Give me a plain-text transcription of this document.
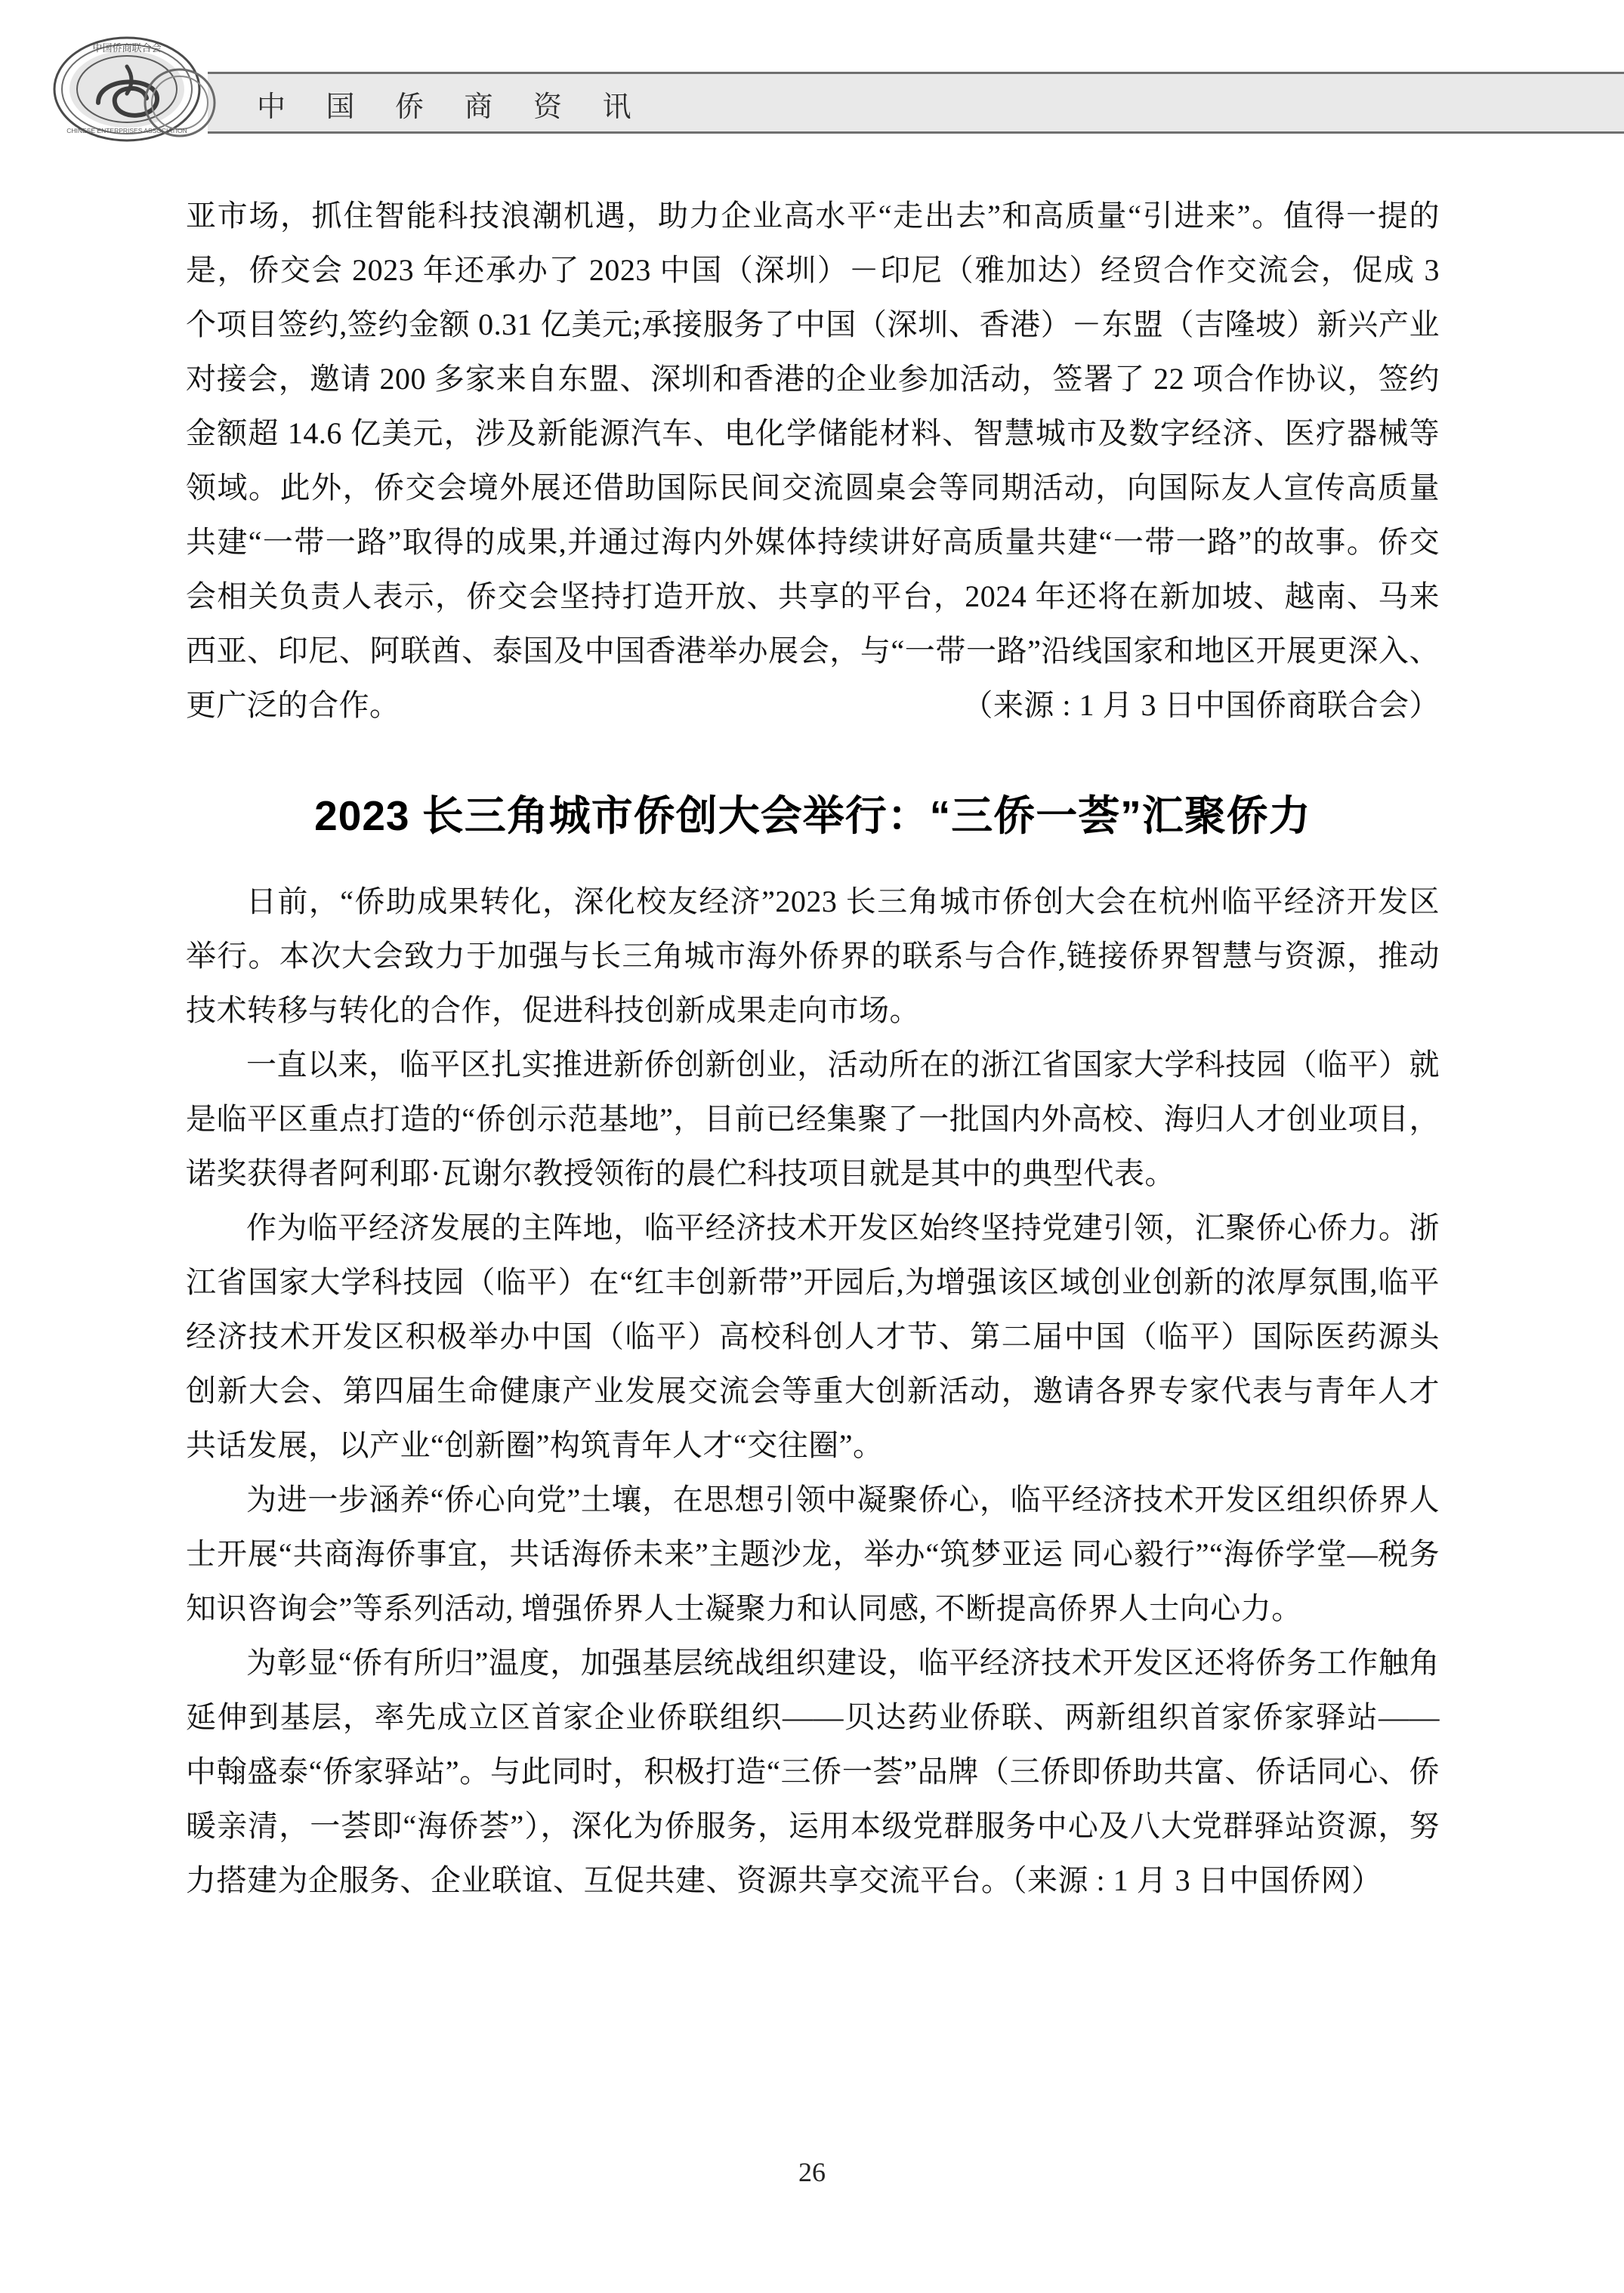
中 国 侨 商 资 讯
中国侨商联合会
CHINESE ENTERPRISES ASSOCIATION

亚市场，抓住智能科技浪潮机遇，助力企业高水平“走出去”和高质量“引进来”。值得一提的是，侨交会 2023 年还承办了 2023 中国（深圳）－印尼（雅加达）经贸合作交流会，促成 3 个项目签约,签约金额 0.31 亿美元;承接服务了中国（深圳、香港）－东盟（吉隆坡）新兴产业对接会，邀请 200 多家来自东盟、深圳和香港的企业参加活动，签署了 22 项合作协议，签约金额超 14.6 亿美元，涉及新能源汽车、电化学储能材料、智慧城市及数字经济、医疗器械等领域。此外，侨交会境外展还借助国际民间交流圆桌会等同期活动，向国际友人宣传高质量共建“一带一路”取得的成果,并通过海内外媒体持续讲好高质量共建“一带一路”的故事。侨交会相关负责人表示，侨交会坚持打造开放、共享的平台，2024 年还将在新加坡、越南、马来西亚、印尼、阿联酋、泰国及中国香港举办展会，与“一带一路”沿线国家和地区开展更深入、更广泛的合作。	（来源 : 1 月 3 日中国侨商联合会）

2023 长三角城市侨创大会举行：“三侨一荟”汇聚侨力

日前，“侨助成果转化，深化校友经济”2023 长三角城市侨创大会在杭州临平经济开发区举行。本次大会致力于加强与长三角城市海外侨界的联系与合作,链接侨界智慧与资源，推动技术转移与转化的合作，促进科技创新成果走向市场。

一直以来，临平区扎实推进新侨创新创业，活动所在的浙江省国家大学科技园（临平）就是临平区重点打造的“侨创示范基地”，目前已经集聚了一批国内外高校、海归人才创业项目，诺奖获得者阿利耶·瓦谢尔教授领衔的晨伫科技项目就是其中的典型代表。

作为临平经济发展的主阵地，临平经济技术开发区始终坚持党建引领，汇聚侨心侨力。浙江省国家大学科技园（临平）在“红丰创新带”开园后,为增强该区域创业创新的浓厚氛围,临平经济技术开发区积极举办中国（临平）高校科创人才节、第二届中国（临平）国际医药源头创新大会、第四届生命健康产业发展交流会等重大创新活动，邀请各界专家代表与青年人才共话发展，以产业“创新圈”构筑青年人才“交往圈”。

为进一步涵养“侨心向党”土壤，在思想引领中凝聚侨心，临平经济技术开发区组织侨界人士开展“共商海侨事宜，共话海侨未来”主题沙龙，举办“筑梦亚运 同心毅行”“海侨学堂—税务知识咨询会”等系列活动, 增强侨界人士凝聚力和认同感, 不断提高侨界人士向心力。

为彰显“侨有所归”温度，加强基层统战组织建设，临平经济技术开发区还将侨务工作触角延伸到基层，率先成立区首家企业侨联组织——贝达药业侨联、两新组织首家侨家驿站——中翰盛泰“侨家驿站”。与此同时，积极打造“三侨一荟”品牌（三侨即侨助共富、侨话同心、侨暖亲清，一荟即“海侨荟”），深化为侨服务，运用本级党群服务中心及八大党群驿站资源，努力搭建为企服务、企业联谊、互促共建、资源共享交流平台。（来源 : 1 月 3 日中国侨网）

26
